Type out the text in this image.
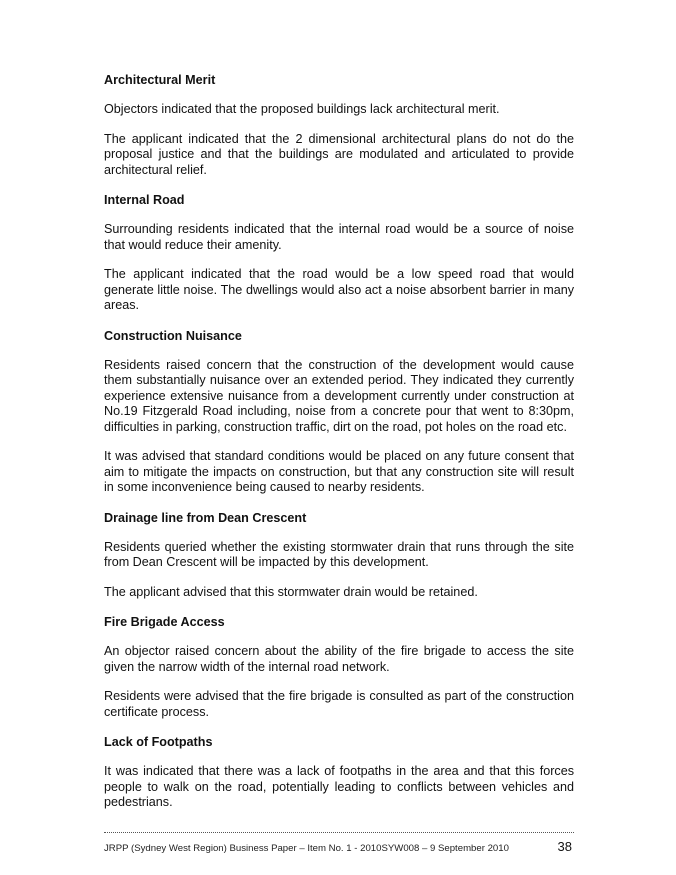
Architectural Merit

Objectors indicated that the proposed buildings lack architectural merit.

The applicant indicated that the 2 dimensional architectural plans do not do the proposal justice and that the buildings are modulated and articulated to provide architectural relief.

Internal Road

Surrounding residents indicated that the internal road would be a source of noise that would reduce their amenity.

The applicant indicated that the road would be a low speed road that would generate little noise. The dwellings would also act a noise absorbent barrier in many areas.

Construction Nuisance

Residents raised concern that the construction of the development would cause them substantially nuisance over an extended period. They indicated they currently experience extensive nuisance from a development currently under construction at No.19 Fitzgerald Road including, noise from a concrete pour that went to 8:30pm, difficulties in parking, construction traffic, dirt on the road, pot holes on the road etc.

It was advised that standard conditions would be placed on any future consent that aim to mitigate the impacts on construction, but that any construction site will result in some inconvenience being caused to nearby residents.

Drainage line from Dean Crescent

Residents queried whether the existing stormwater drain that runs through the site from Dean Crescent will be impacted by this development.

The applicant advised that this stormwater drain would be retained.

Fire Brigade Access

An objector raised concern about the ability of the fire brigade to access the site given the narrow width of the internal road network.

Residents were advised that the fire brigade is consulted as part of the construction certificate process.

Lack of Footpaths

It was indicated that there was a lack of footpaths in the area and that this forces people to walk on the road, potentially leading to conflicts between vehicles and pedestrians.

JRPP (Sydney West Region) Business Paper – Item No. 1 - 2010SYW008 – 9 September 2010	38
